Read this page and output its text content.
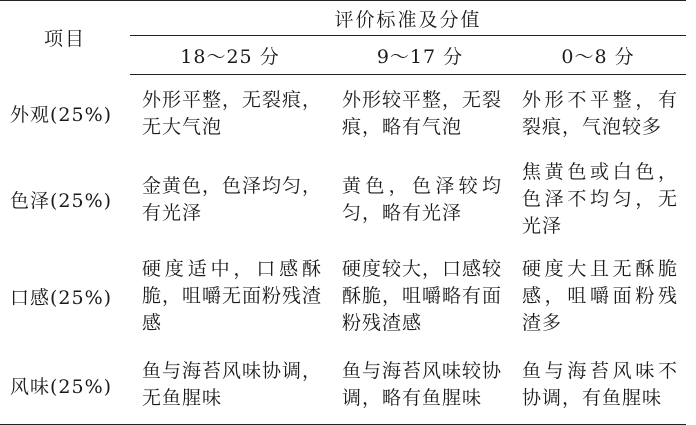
项目	评价标准及分值		
	18～25 分	9～17 分	0～8 分
外观(25%)	外形平整，无裂痕，无大气泡	外形较平整，无裂痕，略有气泡	外形不平整，有裂痕，气泡较多
色泽(25%)	金黄色，色泽均匀，有光泽	黄色，色泽较均匀，略有光泽	焦黄色或白色，色泽不均匀，无光泽
口感(25%)	硬度适中，口感酥脆，咀嚼无面粉残渣感	硬度较大，口感较酥脆，咀嚼略有面粉残渣感	硬度大且无酥脆感，咀嚼面粉残渣多
风味(25%)	鱼与海苔风味协调，无鱼腥味	鱼与海苔风味较协调，略有鱼腥味	鱼与海苔风味不协调，有鱼腥味
